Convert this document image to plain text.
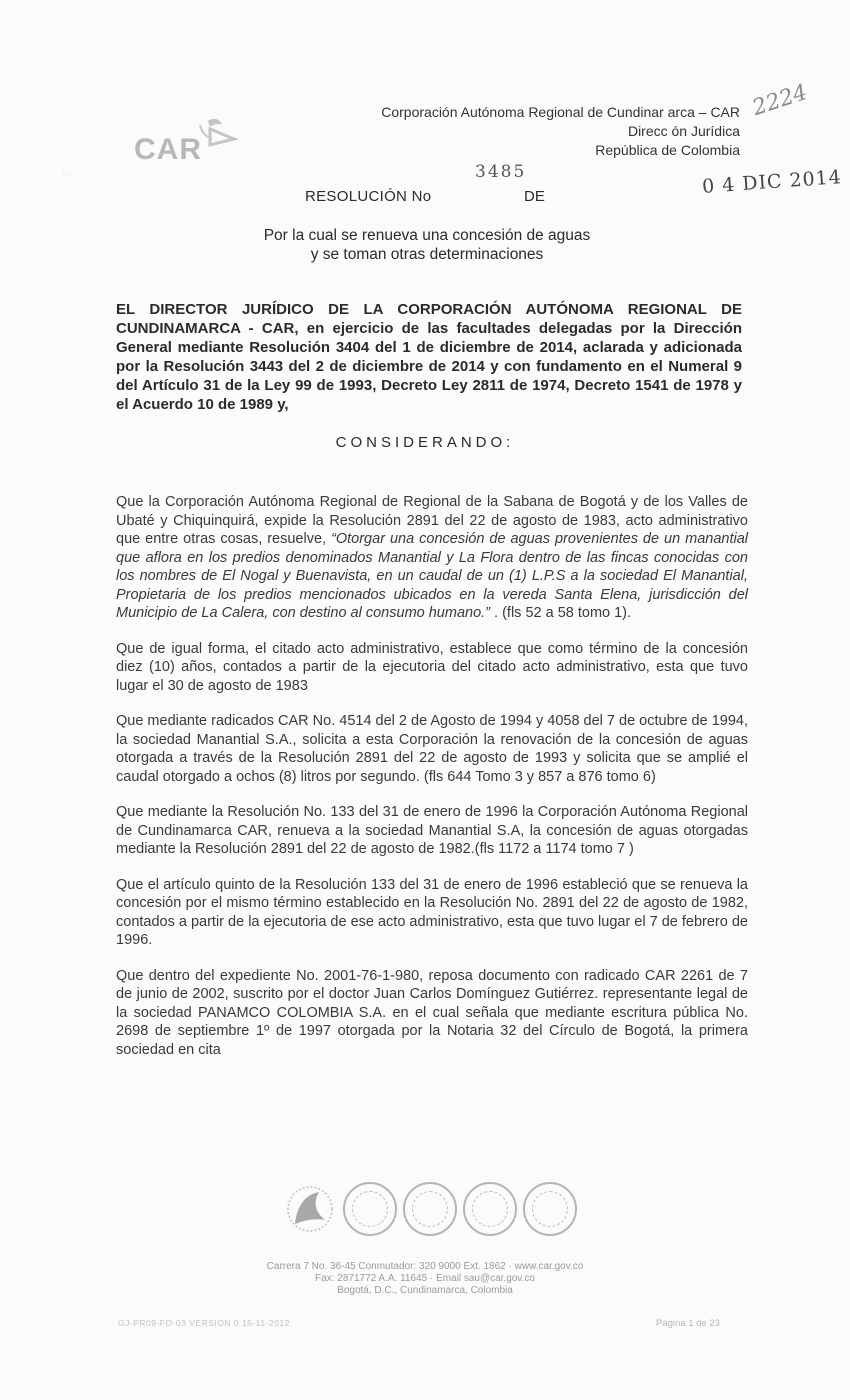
2224
CAR
·.·
Corporación Autónoma Regional de Cundinar arca – CAR
Direcc ón Jurídica
República de Colombia
3485
RESOLUCIÓN No	DE	0 4 DIC 2014
Por la cual se renueva una concesión de aguas
y se toman otras determinaciones
EL DIRECTOR JURÍDICO DE LA CORPORACIÓN AUTÓNOMA REGIONAL DE CUNDINAMARCA - CAR, en ejercicio de las facultades delegadas por la Dirección General mediante Resolución 3404 del 1 de diciembre de 2014, aclarada y adicionada por la Resolución 3443 del 2 de diciembre de 2014 y con fundamento en el Numeral 9 del Artículo 31 de la Ley 99 de 1993, Decreto Ley 2811 de 1974, Decreto 1541 de 1978 y el Acuerdo 10 de 1989 y,
CONSIDERANDO:

Que la Corporación Autónoma Regional de Regional de la Sabana de Bogotá y de los Valles de Ubaté y Chiquinquirá, expide la Resolución 2891 del 22 de agosto de 1983, acto administrativo que entre otras cosas, resuelve, “Otorgar una concesión de aguas provenientes de un manantial que aflora en los predios denominados Manantial y La Flora dentro de las fincas conocidas con los nombres de El Nogal y Buenavista, en un caudal de un (1) L.P.S a la sociedad El Manantial, Propietaria de los predios mencionados ubicados en la vereda Santa Elena, jurisdicción del Municipio de La Calera, con destino al consumo humano.” . (fls 52 a 58 tomo 1).

Que de igual forma, el citado acto administrativo, establece que como término de la concesión diez (10) años, contados a partir de la ejecutoria del citado acto administrativo, esta que tuvo lugar el 30 de agosto de 1983

Que mediante radicados CAR No. 4514 del 2 de Agosto de 1994 y 4058 del 7 de octubre de 1994, la sociedad Manantial S.A., solicita a esta Corporación la renovación de la concesión de aguas otorgada a través de la Resolución 2891 del 22 de agosto de 1993 y solicita que se amplié el caudal otorgado a ochos (8) litros por segundo. (fls 644 Tomo 3 y 857 a 876 tomo 6)

Que mediante la Resolución No. 133 del 31 de enero de 1996 la Corporación Autónoma Regional de Cundinamarca CAR, renueva a la sociedad Manantial S.A, la concesión de aguas otorgadas mediante la Resolución 2891 del 22 de agosto de 1982.(fls 1172 a 1174 tomo 7 )

Que el artículo quinto de la Resolución 133 del 31 de enero de 1996 estableció que se renueva la concesión por el mismo término establecido en la Resolución No. 2891 del 22 de agosto de 1982, contados a partir de la ejecutoria de ese acto administrativo, esta que tuvo lugar el 7 de febrero de 1996.

Que dentro del expediente No. 2001-76-1-980, reposa documento con radicado CAR 2261 de 7 de junio de 2002, suscrito por el doctor Juan Carlos Domínguez Gutiérrez. representante legal de la sociedad PANAMCO COLOMBIA S.A. en el cual señala que mediante escritura pública No. 2698 de septiembre 1º de 1997 otorgada por la Notaria 32 del Círculo de Bogotá, la primera sociedad en cita

Carrera 7 No. 36-45 Conmutador: 320 9000 Ext. 1862 · www.car.gov.co
Fax: 2871772 A.A. 11645 · Email sau@car.gov.co
Bogotá, D.C., Cundinamarca, Colombia
GJ-PR09-FO-03 VERSION 0 15-11-2012	Página 1 de 23
